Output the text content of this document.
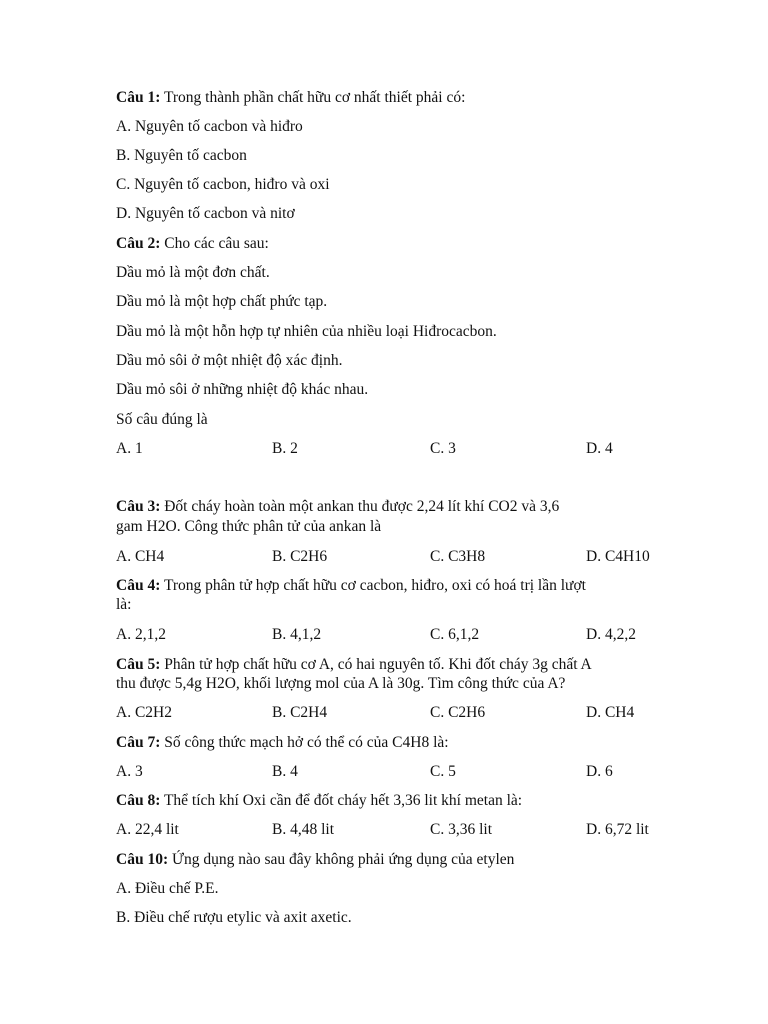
Câu 1: Trong thành phần chất hữu cơ nhất thiết phải có:
A. Nguyên tố cacbon và hiđro
B. Nguyên tố cacbon
C. Nguyên tố cacbon, hiđro và oxi
D. Nguyên tố cacbon và nitơ
Câu 2: Cho các câu sau:
Dầu mỏ là một đơn chất.
Dầu mỏ là một hợp chất phức tạp.
Dầu mỏ là một hỗn hợp tự nhiên của nhiều loại Hiđrocacbon.
Dầu mỏ sôi ở một nhiệt độ xác định.
Dầu mỏ sôi ở những nhiệt độ khác nhau.
Số câu đúng là
A. 1	B. 2	C. 3	D. 4
Câu 3: Đốt cháy hoàn toàn một ankan thu được 2,24 lít khí CO2 và 3,6
gam H2O. Công thức phân tử của ankan là
A. CH4	B. C2H6	C. C3H8	D. C4H10
Câu 4: Trong phân tử hợp chất hữu cơ cacbon, hiđro, oxi có hoá trị lần lượt
là:
A. 2,1,2	B. 4,1,2	C. 6,1,2	D. 4,2,2
Câu 5: Phân tử hợp chất hữu cơ A, có hai nguyên tố. Khi đốt cháy 3g chất A
thu được 5,4g H2O, khối lượng mol của A là 30g. Tìm công thức của A?
A. C2H2	B. C2H4	C. C2H6	D. CH4
Câu 7: Số công thức mạch hở có thể có của C4H8 là:
A. 3	B. 4	C. 5	D. 6
Câu 8: Thể tích khí Oxi cần để đốt cháy hết 3,36 lit khí metan là:
A. 22,4 lit	B. 4,48 lit	C. 3,36 lit	D. 6,72 lit
Câu 10: Ứng dụng nào sau đây không phải ứng dụng của etylen
A. Điều chế P.E.
B. Điều chế rượu etylic và axit axetic.
